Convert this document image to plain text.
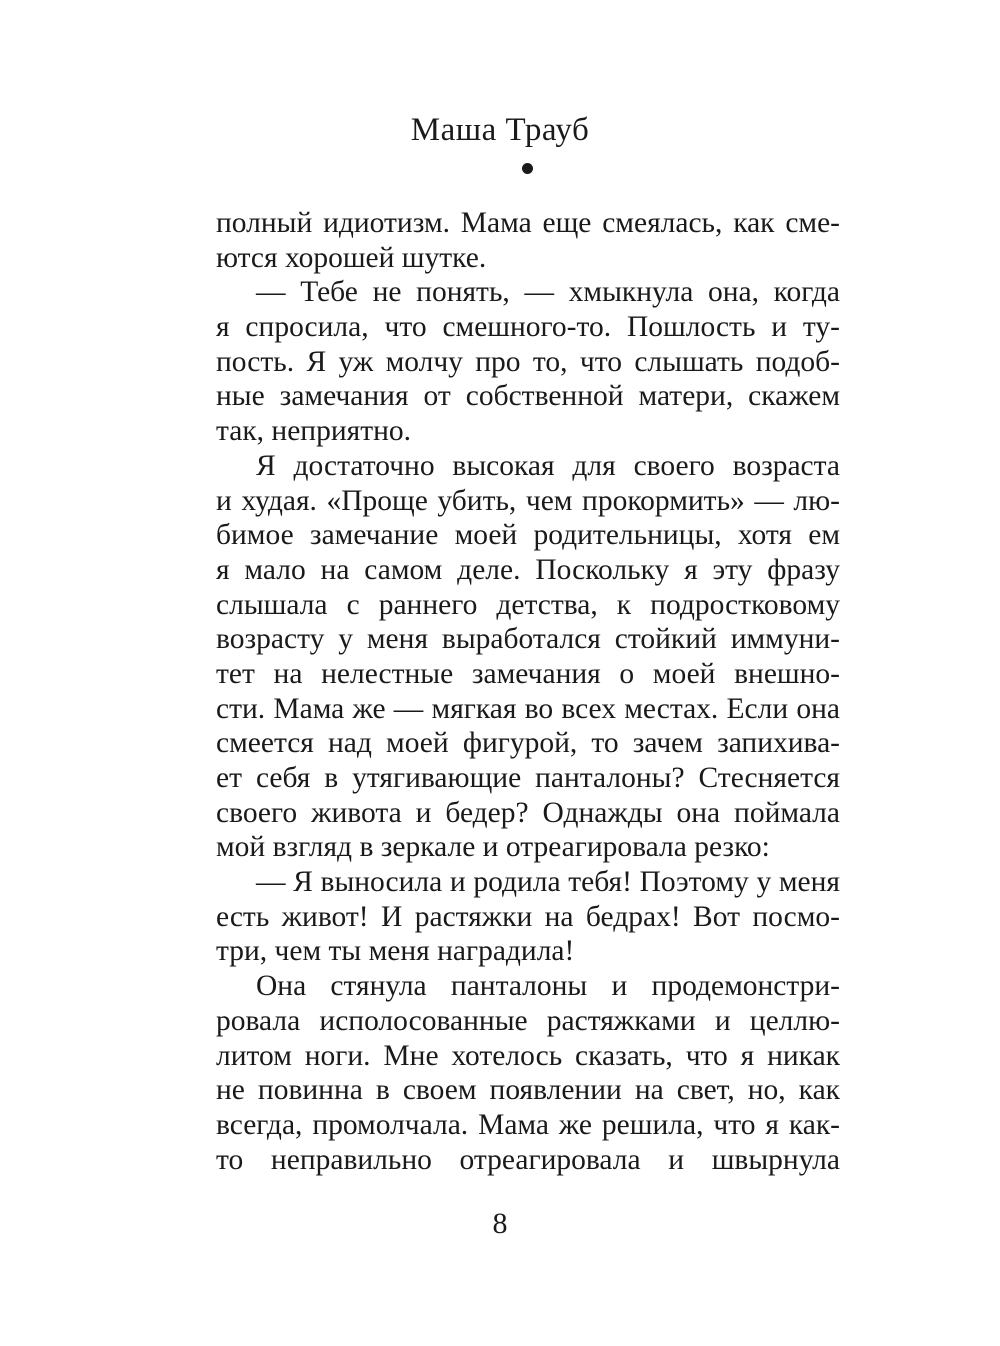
Маша Трауб
полный идиотизм. Мама еще смеялась, как сме-
ются хорошей шутке.
— Тебе не понять, — хмыкнула она, когда
я спросила, что смешного-то. Пошлость и ту-
пость. Я уж молчу про то, что слышать подоб-
ные замечания от собственной матери, скажем
так, неприятно.
Я достаточно высокая для своего возраста
и худая. «Проще убить, чем прокормить» — лю-
бимое замечание моей родительницы, хотя ем
я мало на самом деле. Поскольку я эту фразу
слышала с раннего детства, к подростковому
возрасту у меня выработался стойкий иммуни-
тет на нелестные замечания о моей внешно-
сти. Мама же — мягкая во всех местах. Если она
смеется над моей фигурой, то зачем запихива-
ет себя в утягивающие панталоны? Стесняется
своего живота и бедер? Однажды она поймала
мой взгляд в зеркале и отреагировала резко:
— Я выносила и родила тебя! Поэтому у меня
есть живот! И растяжки на бедрах! Вот посмо-
три, чем ты меня наградила!
Она стянула панталоны и продемонстри-
ровала исполосованные растяжками и целлю-
литом ноги. Мне хотелось сказать, что я никак
не повинна в своем появлении на свет, но, как
всегда, промолчала. Мама же решила, что я как-
то неправильно отреагировала и швырнула
8
